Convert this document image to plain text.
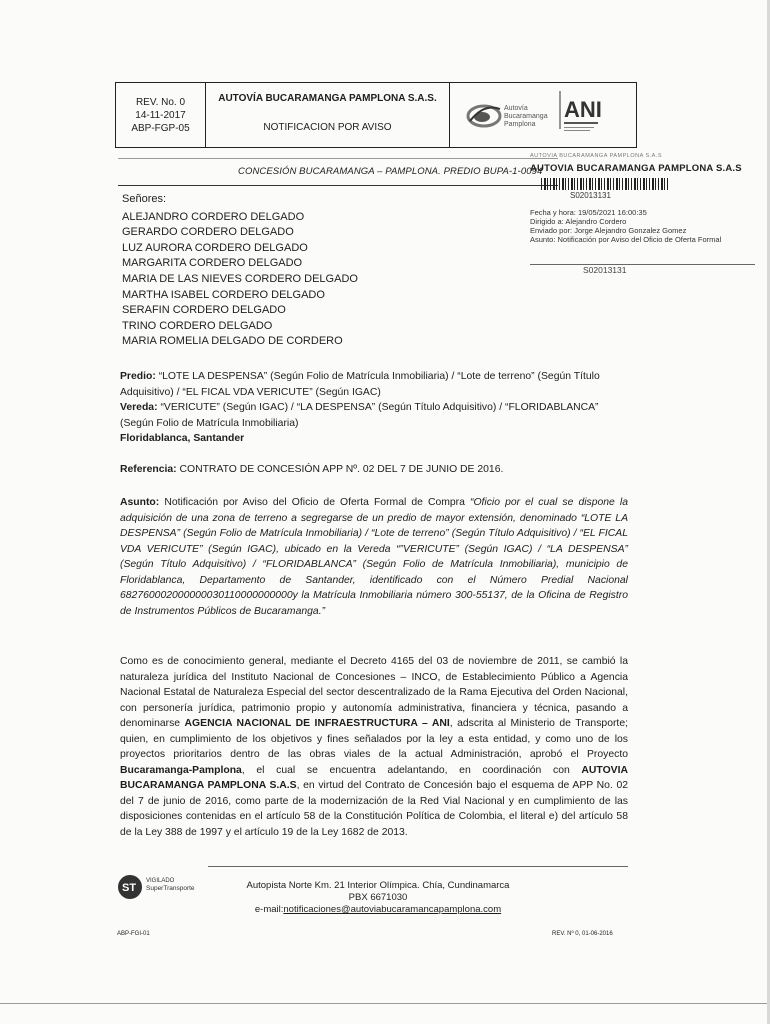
REV. No. 0
14-11-2017
ABP-FGP-05
AUTOVÍA BUCARAMANGA PAMPLONA S.A.S.
NOTIFICACION POR AVISO
Autovía
Bucaramanga
Pamplona
ANI
CONCESIÓN BUCARAMANGA – PAMPLONA. PREDIO BUPA-1-0094
AUTOVIA BUCARAMANGA PAMPLONA S.A.S
AUTOVIA BUCARAMANGA PAMPLONA S.A.S
S02013131
Fecha y hora: 19/05/2021 16:00:35
Dirigido a: Alejandro Cordero
Enviado por: Jorge Alejandro Gonzalez Gomez
Asunto: Notificación por Aviso del Oficio de Oferta Formal
S02013131
Señores:
ALEJANDRO CORDERO DELGADO
GERARDO CORDERO DELGADO
LUZ AURORA CORDERO DELGADO
MARGARITA CORDERO DELGADO
MARIA DE LAS NIEVES CORDERO DELGADO
MARTHA ISABEL CORDERO DELGADO
SERAFIN CORDERO DELGADO
TRINO CORDERO DELGADO
MARIA ROMELIA DELGADO DE CORDERO
Predio: “LOTE LA DESPENSA” (Según Folio de Matrícula Inmobiliaria) / “Lote de terreno” (Según Título Adquisitivo) / “EL FICAL VDA VERICUTE” (Según IGAC)
Vereda: “VERICUTE” (Según IGAC) / “LA DESPENSA” (Según Título Adquisitivo) / “FLORIDABLANCA” (Según Folio de Matrícula Inmobiliaria)
Floridablanca, Santander
Referencia: CONTRATO DE CONCESIÓN APP Nº. 02 DEL 7 DE JUNIO DE 2016.
Asunto: Notificación por Aviso del Oficio de Oferta Formal de Compra “Oficio por el cual se dispone la adquisición de una zona de terreno a segregarse de un predio de mayor extensión, denominado “LOTE LA DESPENSA” (Según Folio de Matrícula Inmobiliaria) / “Lote de terreno” (Según Título Adquisitivo) / “EL FICAL VDA VERICUTE” (Según IGAC), ubicado en la Vereda “”VERICUTE” (Según IGAC) / “LA DESPENSA” (Según Título Adquisitivo) / “FLORIDABLANCA” (Según Folio de Matrícula Inmobiliaria), municipio de Floridablanca, Departamento de Santander, identificado con el Número Predial Nacional 682760002000000030110000000000y la Matrícula Inmobiliaria número 300-55137, de la Oficina de Registro de Instrumentos Públicos de Bucaramanga.”
Como es de conocimiento general, mediante el Decreto 4165 del 03 de noviembre de 2011, se cambió la naturaleza jurídica del Instituto Nacional de Concesiones – INCO, de Establecimiento Público a Agencia Nacional Estatal de Naturaleza Especial del sector descentralizado de la Rama Ejecutiva del Orden Nacional, con personería jurídica, patrimonio propio y autonomía administrativa, financiera y técnica, pasando a denominarse AGENCIA NACIONAL DE INFRAESTRUCTURA – ANI, adscrita al Ministerio de Transporte; quien, en cumplimiento de los objetivos y fines señalados por la ley a esta entidad, y como uno de los proyectos prioritarios dentro de las obras viales de la actual Administración, aprobó el Proyecto Bucaramanga-Pamplona, el cual se encuentra adelantando, en coordinación con AUTOVIA BUCARAMANGA PAMPLONA S.A.S, en virtud del Contrato de Concesión bajo el esquema de APP No. 02 del 7 de junio de 2016, como parte de la modernización de la Red Vial Nacional y en cumplimiento de las disposiciones contenidas en el artículo 58 de la Constitución Política de Colombia, el literal e) del artículo 58 de la Ley 388 de 1997 y el artículo 19 de la Ley 1682 de 2013.
ST
VIGILADO
SuperTransporte	Autopista Norte Km. 21 Interior Olímpica. Chía, Cundinamarca
PBX 6671030
e-mail:notificaciones@autoviabucaramancapamplona.com
ABP-FGI-01	REV. Nº 0, 01-06-2016
